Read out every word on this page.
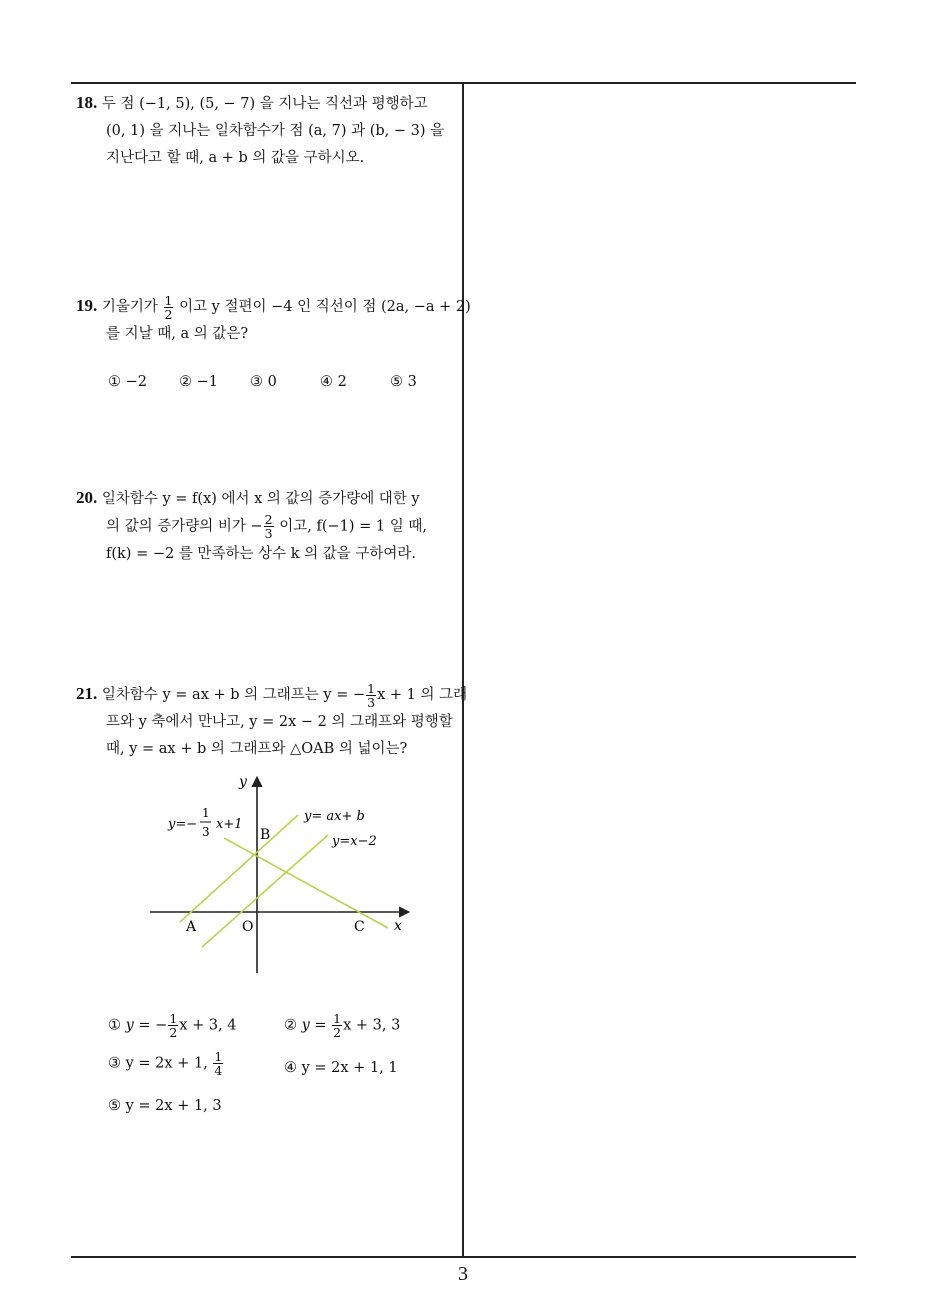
18. 두 점 (−1, 5), (5, − 7) 을 지나는 직선과 평행하고
(0, 1) 을 지나는 일차함수가 점 (a, 7) 과 (b, − 3) 을
지난다고 할 때, a + b 의 값을 구하시오.
19. 기울기가 $\frac{1}{2}$ 이고 y 절편이 −4 인 직선이 점 (2a, −a + 2)
를 지날 때, a 의 값은?
① −2 ② −1 ③ 0	④ 2	⑤ 3
20. 일차함수 y = f(x) 에서 x 의 값의 증가량에 대한 y
의 값의 증가량의 비가 − $\frac{2}{3}$ 이고, f(−1) = 1 일 때,
f(k) = −2 를 만족하는 상수 k 의 값을 구하여라.
21. 일차함수 y = ax + b 의 그래프는 y = − $\frac{1}{3}$ x + 1 의 그래
프와 y 축에서 만나고, y = 2x − 2 의 그래프와 평행할
때, y = ax + b 의 그래프와 △OAB 의 넓이는?
y
x
y=−
1
3 x+1
y= ax+ b
y=x−2
A	O
B
C
① y = − $\frac{1}{2}$ x + 3, 4	② $y = \frac{1}{2}$ x + 3, 3
③ y = 2x + 1, $\frac{1}{4}$	④ y = 2x + 1, 1
⑤ y = 2x + 1, 3
3
